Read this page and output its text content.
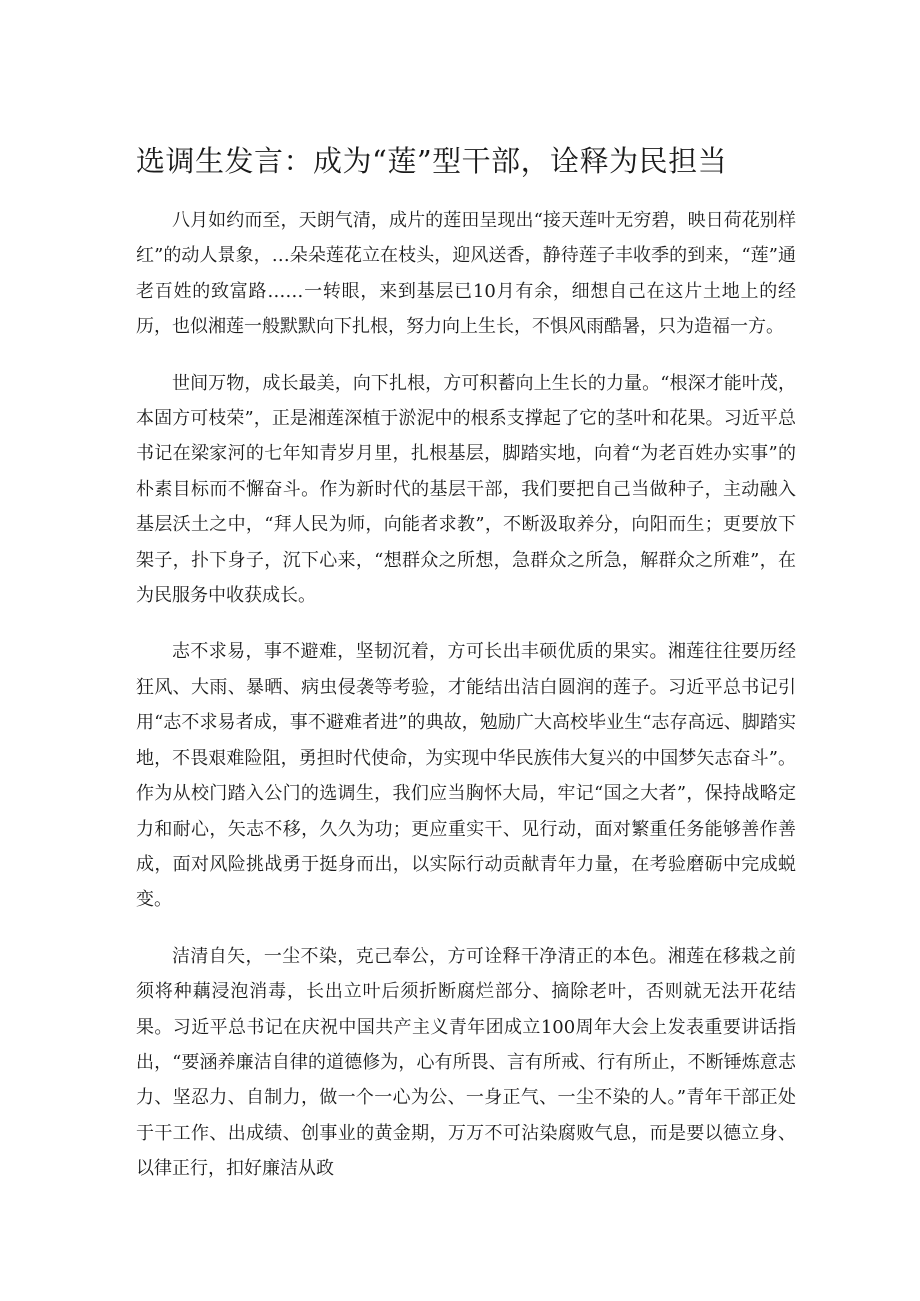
选调生发言：成为“莲”型干部，诠释为民担当

八月如约而至，天朗气清，成片的莲田呈现出“接天莲叶无穷碧，映日荷花别样红”的动人景象，…朵朵莲花立在枝头，迎风送香，静待莲子丰收季的到来，“莲”通老百姓的致富路……一转眼，来到基层已10月有余，细想自己在这片土地上的经历，也似湘莲一般默默向下扎根，努力向上生长，不惧风雨酷暑，只为造福一方。

世间万物，成长最美，向下扎根，方可积蓄向上生长的力量。“根深才能叶茂，本固方可枝荣”，正是湘莲深植于淤泥中的根系支撑起了它的茎叶和花果。习近平总书记在梁家河的七年知青岁月里，扎根基层，脚踏实地，向着“为老百姓办实事”的朴素目标而不懈奋斗。作为新时代的基层干部，我们要把自己当做种子，主动融入基层沃土之中，“拜人民为师，向能者求教”，不断汲取养分，向阳而生；更要放下架子，扑下身子，沉下心来，“想群众之所想，急群众之所急，解群众之所难”，在为民服务中收获成长。

志不求易，事不避难，坚韧沉着，方可长出丰硕优质的果实。湘莲往往要历经狂风、大雨、暴晒、病虫侵袭等考验，才能结出洁白圆润的莲子。习近平总书记引用“志不求易者成，事不避难者进”的典故，勉励广大高校毕业生“志存高远、脚踏实地，不畏艰难险阻，勇担时代使命，为实现中华民族伟大复兴的中国梦矢志奋斗”。作为从校门踏入公门的选调生，我们应当胸怀大局，牢记“国之大者”，保持战略定力和耐心，矢志不移，久久为功；更应重实干、见行动，面对繁重任务能够善作善成，面对风险挑战勇于挺身而出，以实际行动贡献青年力量，在考验磨砺中完成蜕变。

洁清自矢，一尘不染，克己奉公，方可诠释干净清正的本色。湘莲在移栽之前须将种藕浸泡消毒，长出立叶后须折断腐烂部分、摘除老叶，否则就无法开花结果。习近平总书记在庆祝中国共产主义青年团成立100周年大会上发表重要讲话指出，“要涵养廉洁自律的道德修为，心有所畏、言有所戒、行有所止，不断锤炼意志力、坚忍力、自制力，做一个一心为公、一身正气、一尘不染的人。”青年干部正处于干工作、出成绩、创事业的黄金期，万万不可沾染腐败气息，而是要以德立身、以律正行，扣好廉洁从政
